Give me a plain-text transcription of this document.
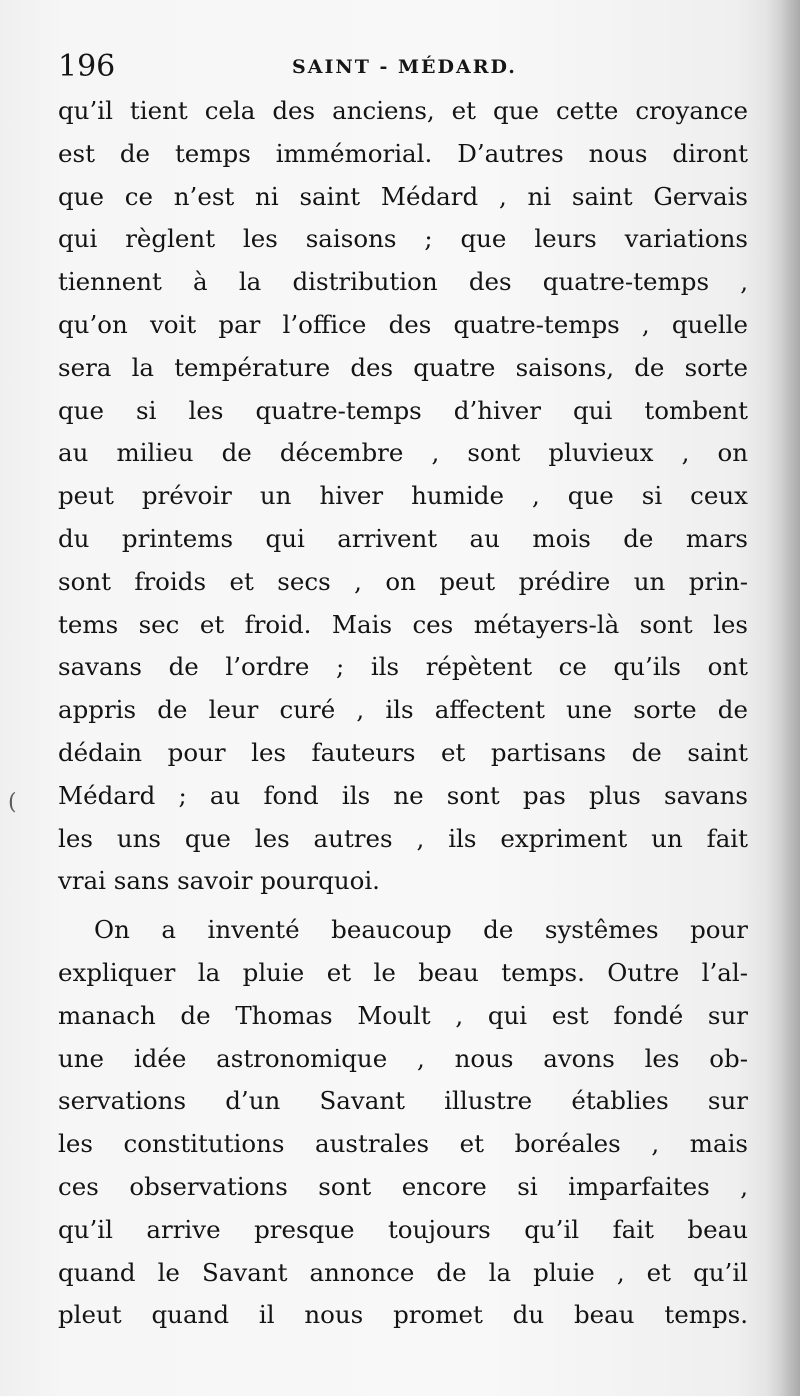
196	SAINT - MÉDARD.
(
qu’il tient cela des anciens, et que cette croyance
est de temps immémorial. D’autres nous diront
que ce n’est ni saint Médard , ni saint Gervais
qui règlent les saisons ; que leurs variations
tiennent à la distribution des quatre-temps ,
qu’on voit par l’office des quatre-temps , quelle
sera la température des quatre saisons, de sorte
que si les quatre-temps d’hiver qui tombent
au milieu de décembre , sont pluvieux , on
peut prévoir un hiver humide , que si ceux
du printems qui arrivent au mois de mars
sont froids et secs , on peut prédire un prin-
tems sec et froid. Mais ces métayers-là sont les
savans de l’ordre ; ils répètent ce qu’ils ont
appris de leur curé , ils affectent une sorte de
dédain pour les fauteurs et partisans de saint
Médard ; au fond ils ne sont pas plus savans
les uns que les autres , ils expriment un fait
vrai sans savoir pourquoi.
On a inventé beaucoup de systêmes pour
expliquer la pluie et le beau temps. Outre l’al-
manach de Thomas Moult , qui est fondé sur
une idée astronomique , nous avons les ob-
servations d’un Savant illustre établies sur
les constitutions australes et boréales , mais
ces observations sont encore si imparfaites ,
qu’il arrive presque toujours qu’il fait beau
quand le Savant annonce de la pluie , et qu’il
pleut quand il nous promet du beau temps.
